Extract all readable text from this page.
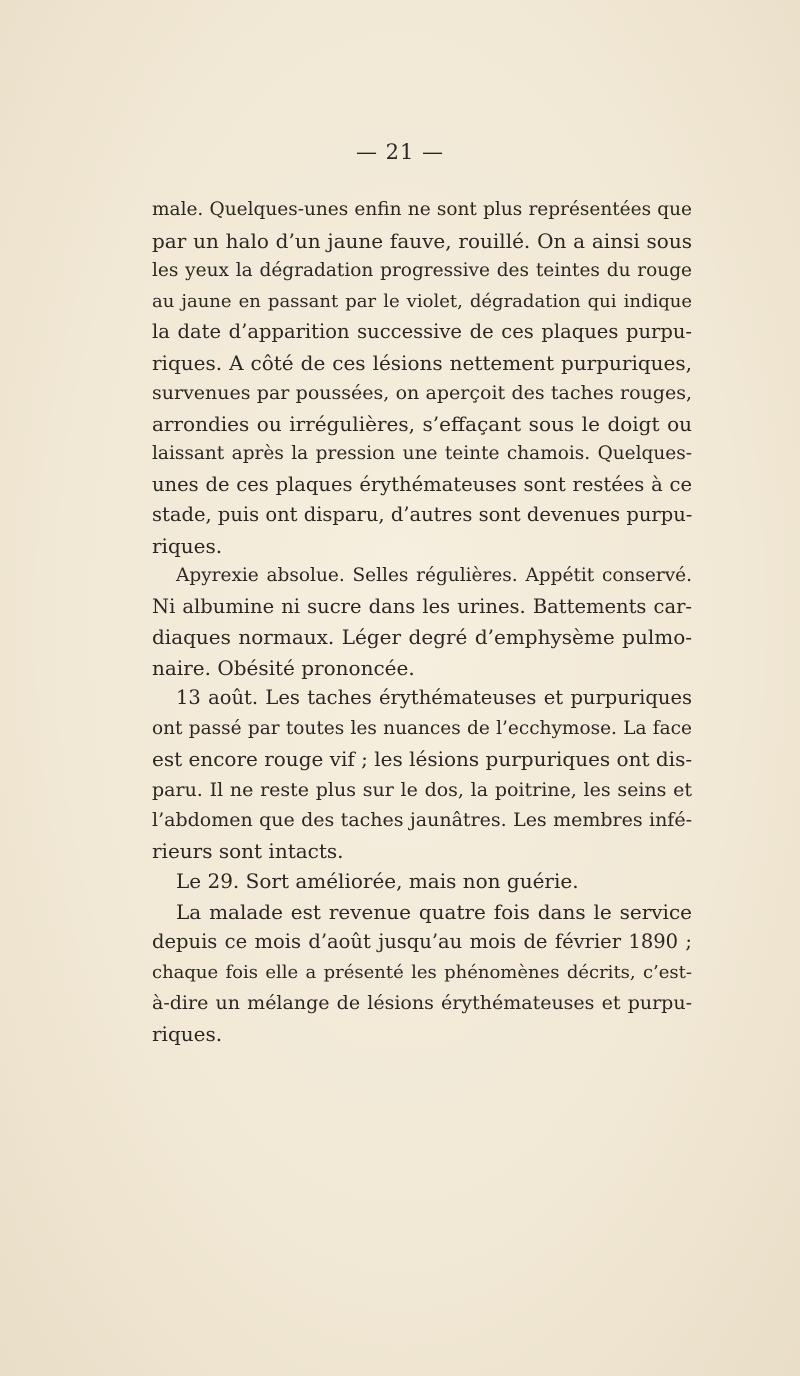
— 21 —
male. Quelques-unes enfin ne sont plus représentées que
par un halo d’un jaune fauve, rouillé. On a ainsi sous
les yeux la dégradation progressive des teintes du rouge
au jaune en passant par le violet, dégradation qui indique
la date d’apparition successive de ces plaques purpu-
riques. A côté de ces lésions nettement purpuriques,
survenues par poussées, on aperçoit des taches rouges,
arrondies ou irrégulières, s’effaçant sous le doigt ou
laissant après la pression une teinte chamois. Quelques-
unes de ces plaques érythémateuses sont restées à ce
stade, puis ont disparu, d’autres sont devenues purpu-
riques.
Apyrexie absolue. Selles régulières. Appétit conservé.
Ni albumine ni sucre dans les urines. Battements car-
diaques normaux. Léger degré d’emphysème pulmo-
naire. Obésité prononcée.
13 août. Les taches érythémateuses et purpuriques
ont passé par toutes les nuances de l’ecchymose. La face
est encore rouge vif ; les lésions purpuriques ont dis-
paru. Il ne reste plus sur le dos, la poitrine, les seins et
l’abdomen que des taches jaunâtres. Les membres infé-
rieurs sont intacts.
Le 29. Sort améliorée, mais non guérie.
La malade est revenue quatre fois dans le service
depuis ce mois d’août jusqu’au mois de février 1890 ;
chaque fois elle a présenté les phénomènes décrits, c’est-
à-dire un mélange de lésions érythémateuses et purpu-
riques.
